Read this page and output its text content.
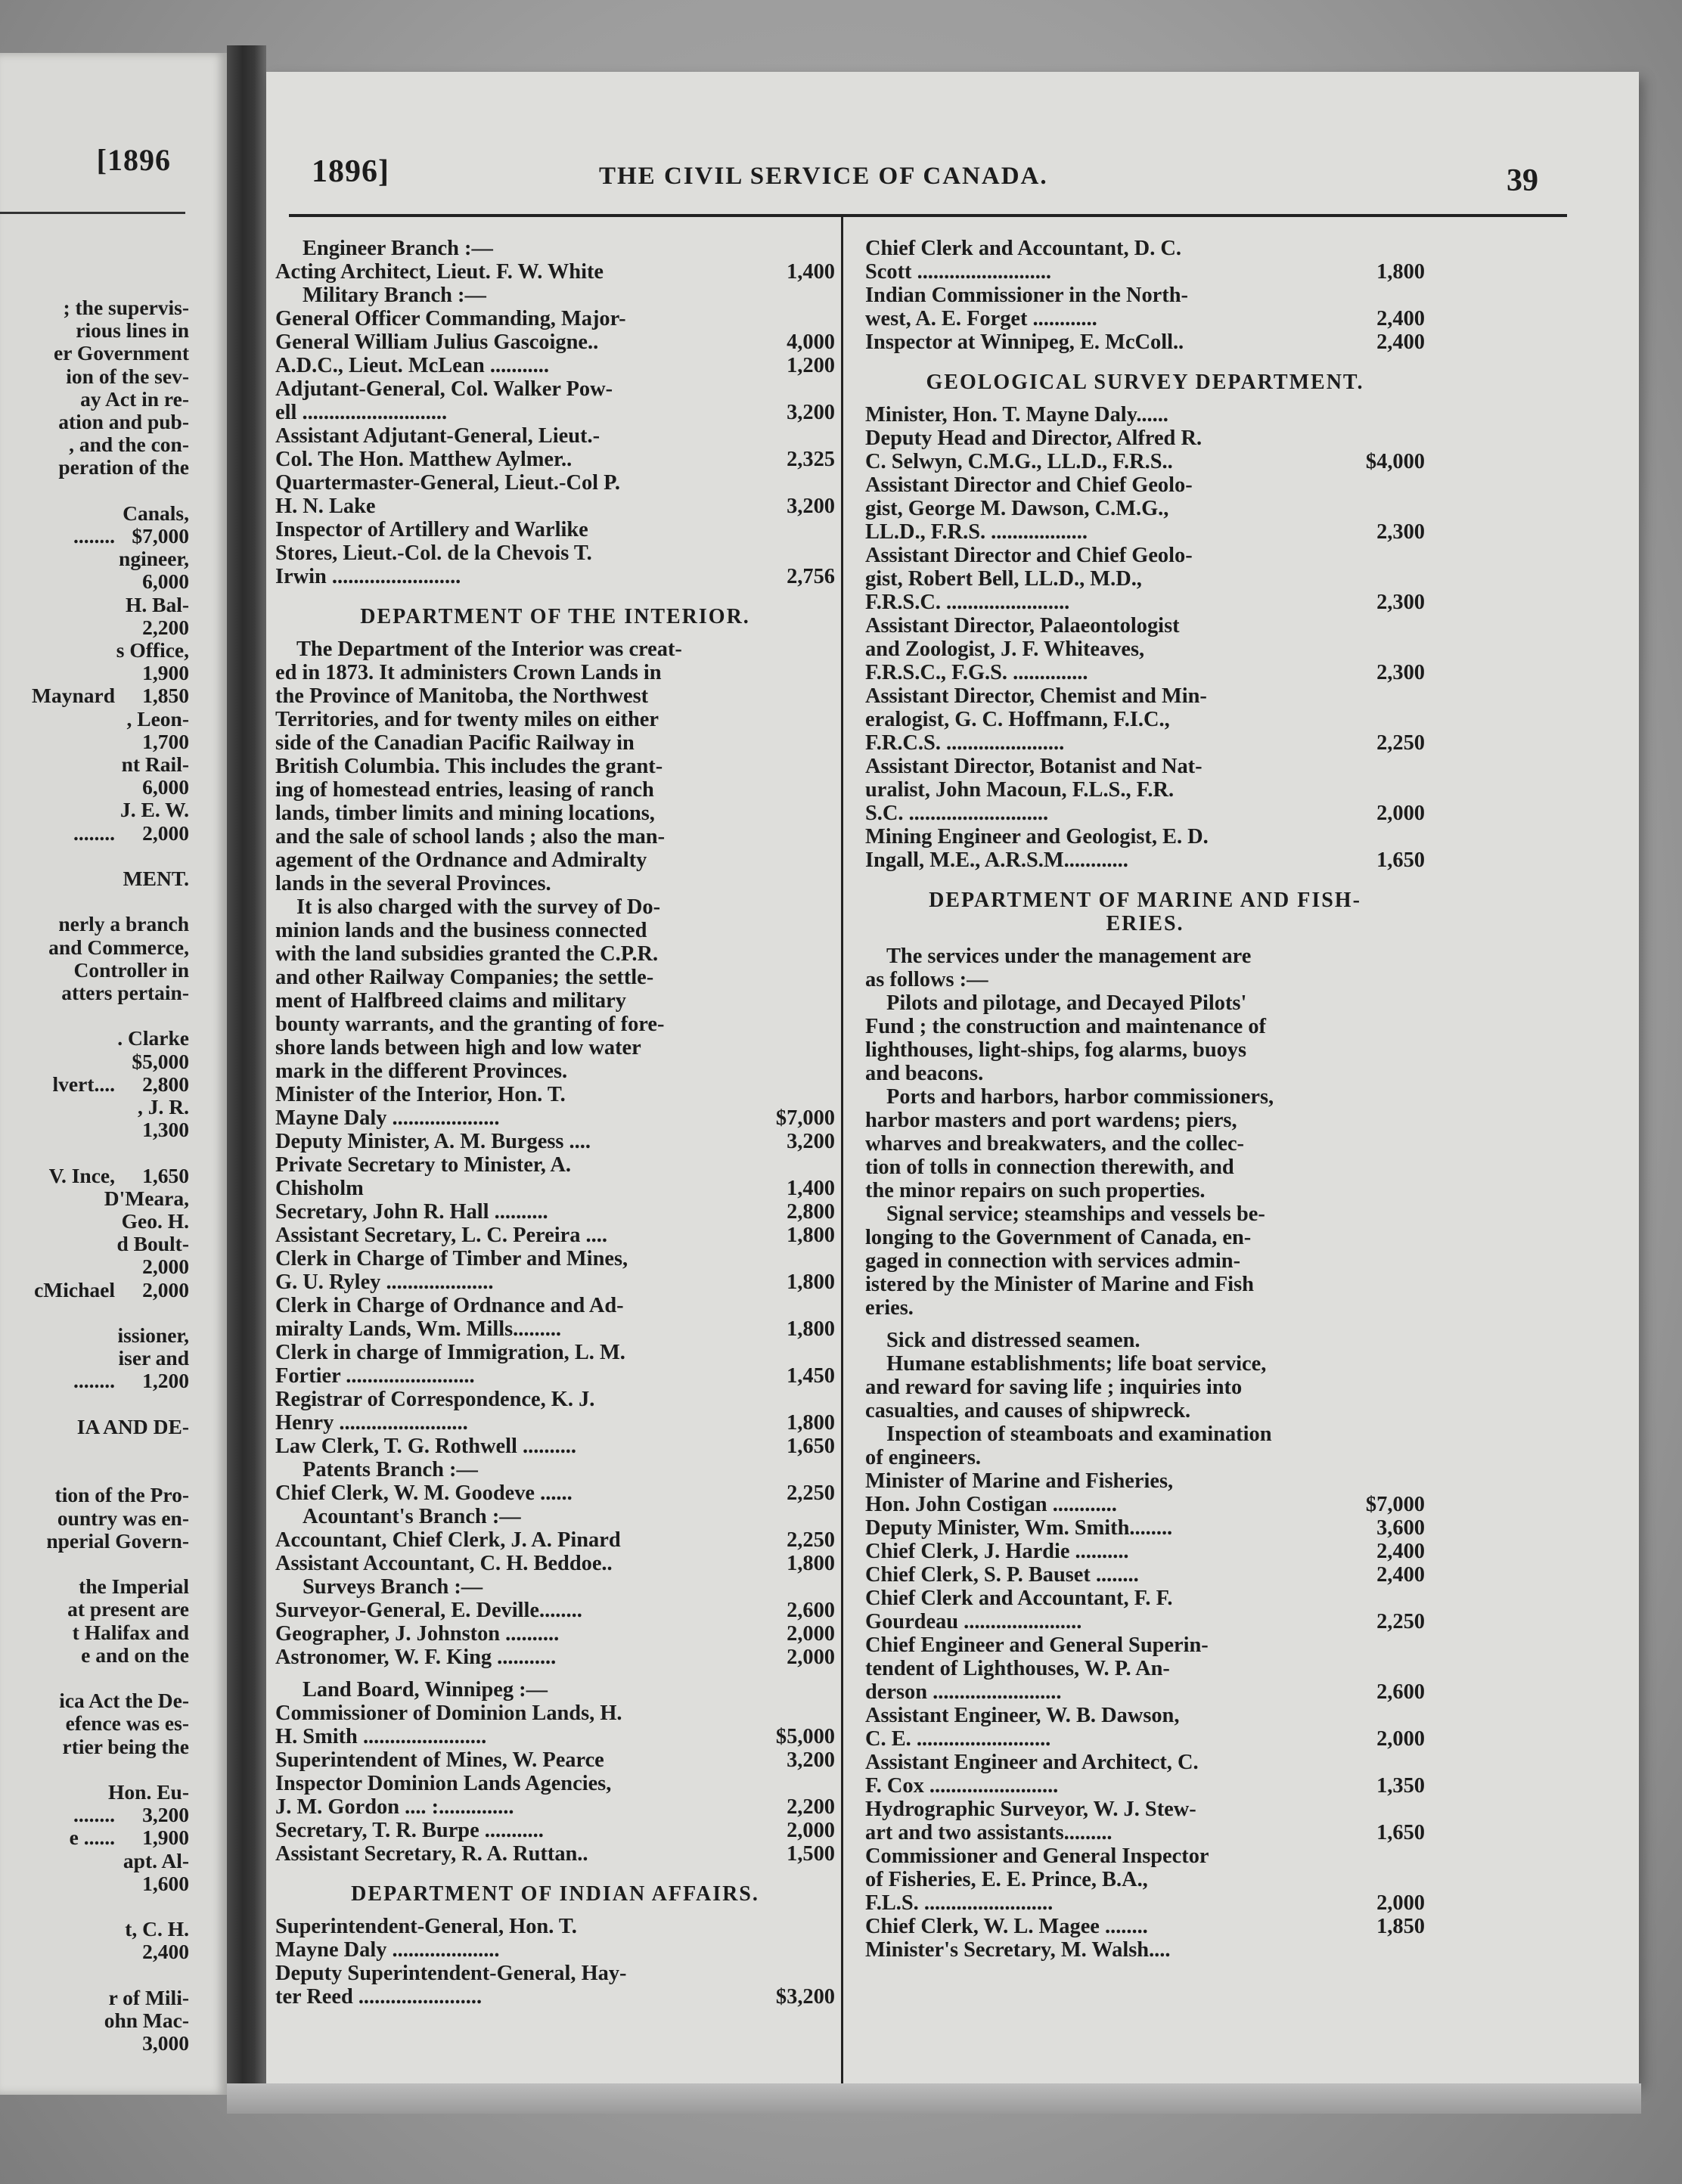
[1896
; the supervis-
rious lines in
er Government
ion of the sev-
ay Act in re-
ation and pub-
, and the con-
peration of the
Canals,
........ $7,000
ngineer,
6,000
H. Bal-
2,200
s Office,
1,900
Maynard 1,850
, Leon-
1,700
nt Rail-
6,000
J. E. W.
........ 2,000
MENT.
nerly a branch
and Commerce,
Controller in
atters pertain-
. Clarke
$5,000
lvert.... 2,800
, J. R.
1,300
V. Ince, 1,650
D'Meara,
Geo. H.
d Boult-
2,000
cMichael 2,000
issioner,
iser and
........ 1,200
IA AND DE-
tion of the Pro-
ountry was en-
nperial Govern-
the Imperial
at present are
t Halifax and
e and on the
ica Act the De-
efence was es-
rtier being the
Hon. Eu-
........ 3,200
e ...... 1,900
apt. Al-
1,600
t, C. H.
2,400
r of Mili-
ohn Mac-
3,000
1896]	THE CIVIL SERVICE OF CANADA.	39
Engineer Branch :—
Acting Architect, Lieut. F. W. White	1,400
Military Branch :—
General Officer Commanding, Major-
General William Julius Gascoigne..	4,000
A.D.C., Lieut. McLean ...........	1,200
Adjutant-General, Col. Walker Pow-
ell ...........................	3,200
Assistant Adjutant-General, Lieut.-
Col. The Hon. Matthew Aylmer..	2,325
Quartermaster-General, Lieut.-Col P.
H. N. Lake	3,200
Inspector of Artillery and Warlike
Stores, Lieut.-Col. de la Chevois T.
Irwin ........................	2,756
DEPARTMENT OF THE INTERIOR.
The Department of the Interior was creat-
ed in 1873. It administers Crown Lands in
the Province of Manitoba, the Northwest
Territories, and for twenty miles on either
side of the Canadian Pacific Railway in
British Columbia. This includes the grant-
ing of homestead entries, leasing of ranch
lands, timber limits and mining locations,
and the sale of school lands ; also the man-
agement of the Ordnance and Admiralty
lands in the several Provinces.
It is also charged with the survey of Do-
minion lands and the business connected
with the land subsidies granted the C.P.R.
and other Railway Companies; the settle-
ment of Halfbreed claims and military
bounty warrants, and the granting of fore-
shore lands between high and low water
mark in the different Provinces.
Minister of the Interior, Hon. T.
Mayne Daly ....................	$7,000
Deputy Minister, A. M. Burgess ....	3,200
Private Secretary to Minister, A.
Chisholm	1,400
Secretary, John R. Hall ..........	2,800
Assistant Secretary, L. C. Pereira ....	1,800
Clerk in Charge of Timber and Mines,
G. U. Ryley ....................	1,800
Clerk in Charge of Ordnance and Ad-
miralty Lands, Wm. Mills.........	1,800
Clerk in charge of Immigration, L. M.
Fortier ........................	1,450
Registrar of Correspondence, K. J.
Henry ........................	1,800
Law Clerk, T. G. Rothwell ..........	1,650
Patents Branch :—
Chief Clerk, W. M. Goodeve ......	2,250
Acountant's Branch :—
Accountant, Chief Clerk, J. A. Pinard	2,250
Assistant Accountant, C. H. Beddoe..	1,800
Surveys Branch :—
Surveyor-General, E. Deville........	2,600
Geographer, J. Johnston ..........	2,000
Astronomer, W. F. King ...........	2,000
Land Board, Winnipeg :—
Commissioner of Dominion Lands, H.
H. Smith .......................	$5,000
Superintendent of Mines, W. Pearce	3,200
Inspector Dominion Lands Agencies,
J. M. Gordon .... :..............	2,200
Secretary, T. R. Burpe ...........	2,000
Assistant Secretary, R. A. Ruttan..	1,500
DEPARTMENT OF INDIAN AFFAIRS.
Superintendent-General, Hon. T.
Mayne Daly ....................
Deputy Superintendent-General, Hay-
ter Reed .......................	$3,200
Chief Clerk and Accountant, D. C.
Scott .........................	1,800
Indian Commissioner in the North-
west, A. E. Forget ............	2,400
Inspector at Winnipeg, E. McColl..	2,400
GEOLOGICAL SURVEY DEPARTMENT.
Minister, Hon. T. Mayne Daly......
Deputy Head and Director, Alfred R.
C. Selwyn, C.M.G., LL.D., F.R.S..	$4,000
Assistant Director and Chief Geolo-
gist, George M. Dawson, C.M.G.,
LL.D., F.R.S. ..................	2,300
Assistant Director and Chief Geolo-
gist, Robert Bell, LL.D., M.D.,
F.R.S.C. .......................	2,300
Assistant Director, Palaeontologist
and Zoologist, J. F. Whiteaves,
F.R.S.C., F.G.S. ..............	2,300
Assistant Director, Chemist and Min-
eralogist, G. C. Hoffmann, F.I.C.,
F.R.C.S. ......................	2,250
Assistant Director, Botanist and Nat-
uralist, John Macoun, F.L.S., F.R.
S.C. ..........................	2,000
Mining Engineer and Geologist, E. D.
Ingall, M.E., A.R.S.M............	1,650
DEPARTMENT OF MARINE AND FISH-
ERIES.
The services under the management are
as follows :—
Pilots and pilotage, and Decayed Pilots'
Fund ; the construction and maintenance of
lighthouses, light-ships, fog alarms, buoys
and beacons.
Ports and harbors, harbor commissioners,
harbor masters and port wardens; piers,
wharves and breakwaters, and the collec-
tion of tolls in connection therewith, and
the minor repairs on such properties.
Signal service; steamships and vessels be-
longing to the Government of Canada, en-
gaged in connection with services admin-
istered by the Minister of Marine and Fish
eries.
Sick and distressed seamen.
Humane establishments; life boat service,
and reward for saving life ; inquiries into
casualties, and causes of shipwreck.
Inspection of steamboats and examination
of engineers.
Minister of Marine and Fisheries,
Hon. John Costigan ............	$7,000
Deputy Minister, Wm. Smith........	3,600
Chief Clerk, J. Hardie ..........	2,400
Chief Clerk, S. P. Bauset ........	2,400
Chief Clerk and Accountant, F. F.
Gourdeau ......................	2,250
Chief Engineer and General Superin-
tendent of Lighthouses, W. P. An-
derson ........................	2,600
Assistant Engineer, W. B. Dawson,
C. E. .........................	2,000
Assistant Engineer and Architect, C.
F. Cox ........................	1,350
Hydrographic Surveyor, W. J. Stew-
art and two assistants.........	1,650
Commissioner and General Inspector
of Fisheries, E. E. Prince, B.A.,
F.L.S. ........................	2,000
Chief Clerk, W. L. Magee ........	1,850
Minister's Secretary, M. Walsh....
